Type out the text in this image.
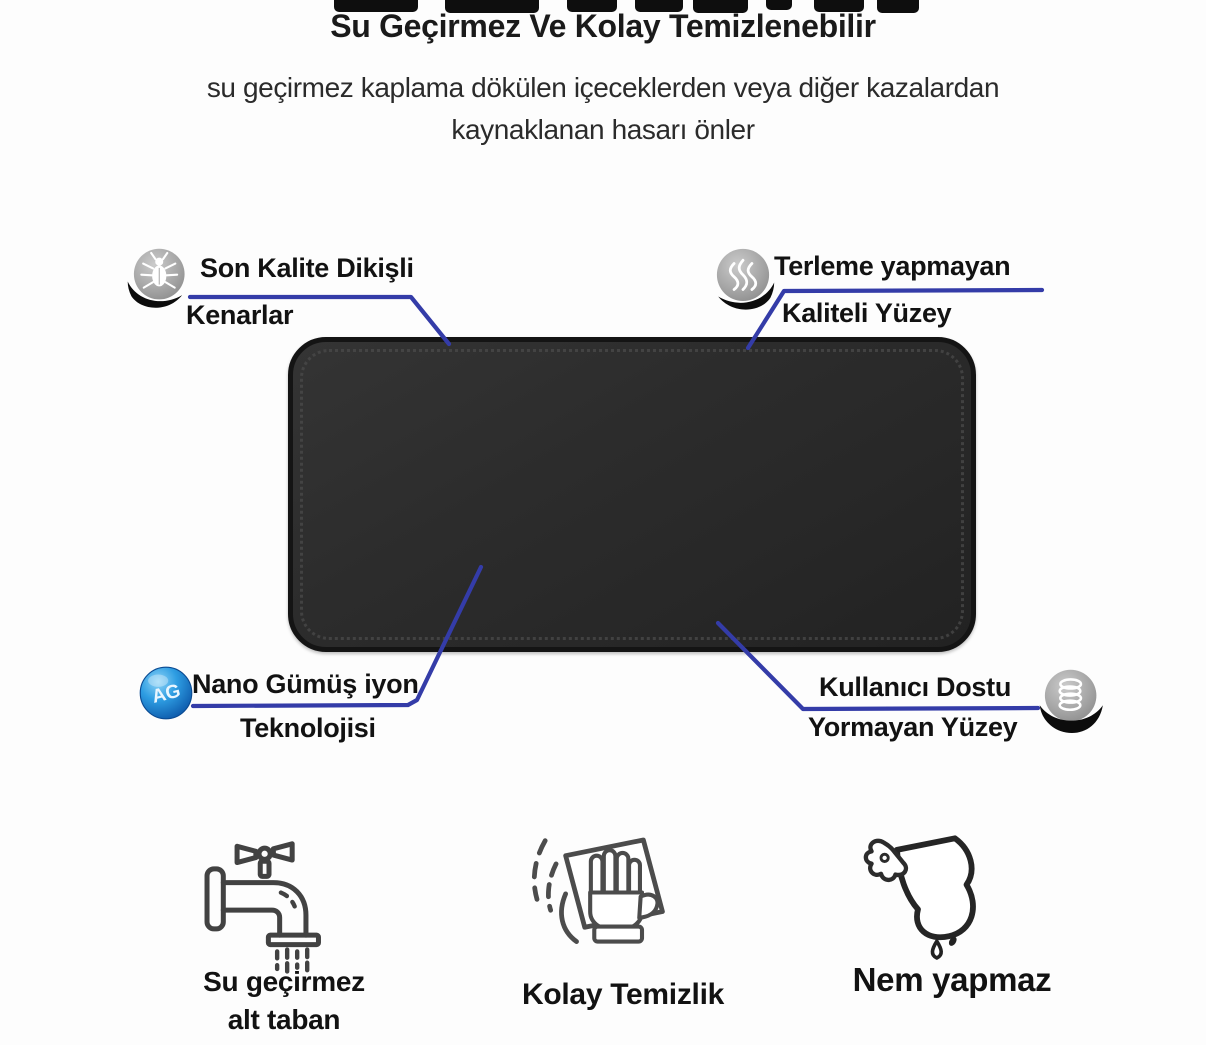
Su Geçirmez Ve Kolay Temizlenebilir
su geçirmez kaplama dökülen içeceklerden veya diğer kazalardan
kaynaklanan hasarı önler
Son Kalite Dikişli
Kenarlar
Terleme yapmayan
Kaliteli Yüzey
AG Nano Gümüş iyon
Teknolojisi
Kullanıcı Dostu
Yormayan Yüzey
Su geçirmez
alt taban
Kolay Temizlik	Nem yapmaz
